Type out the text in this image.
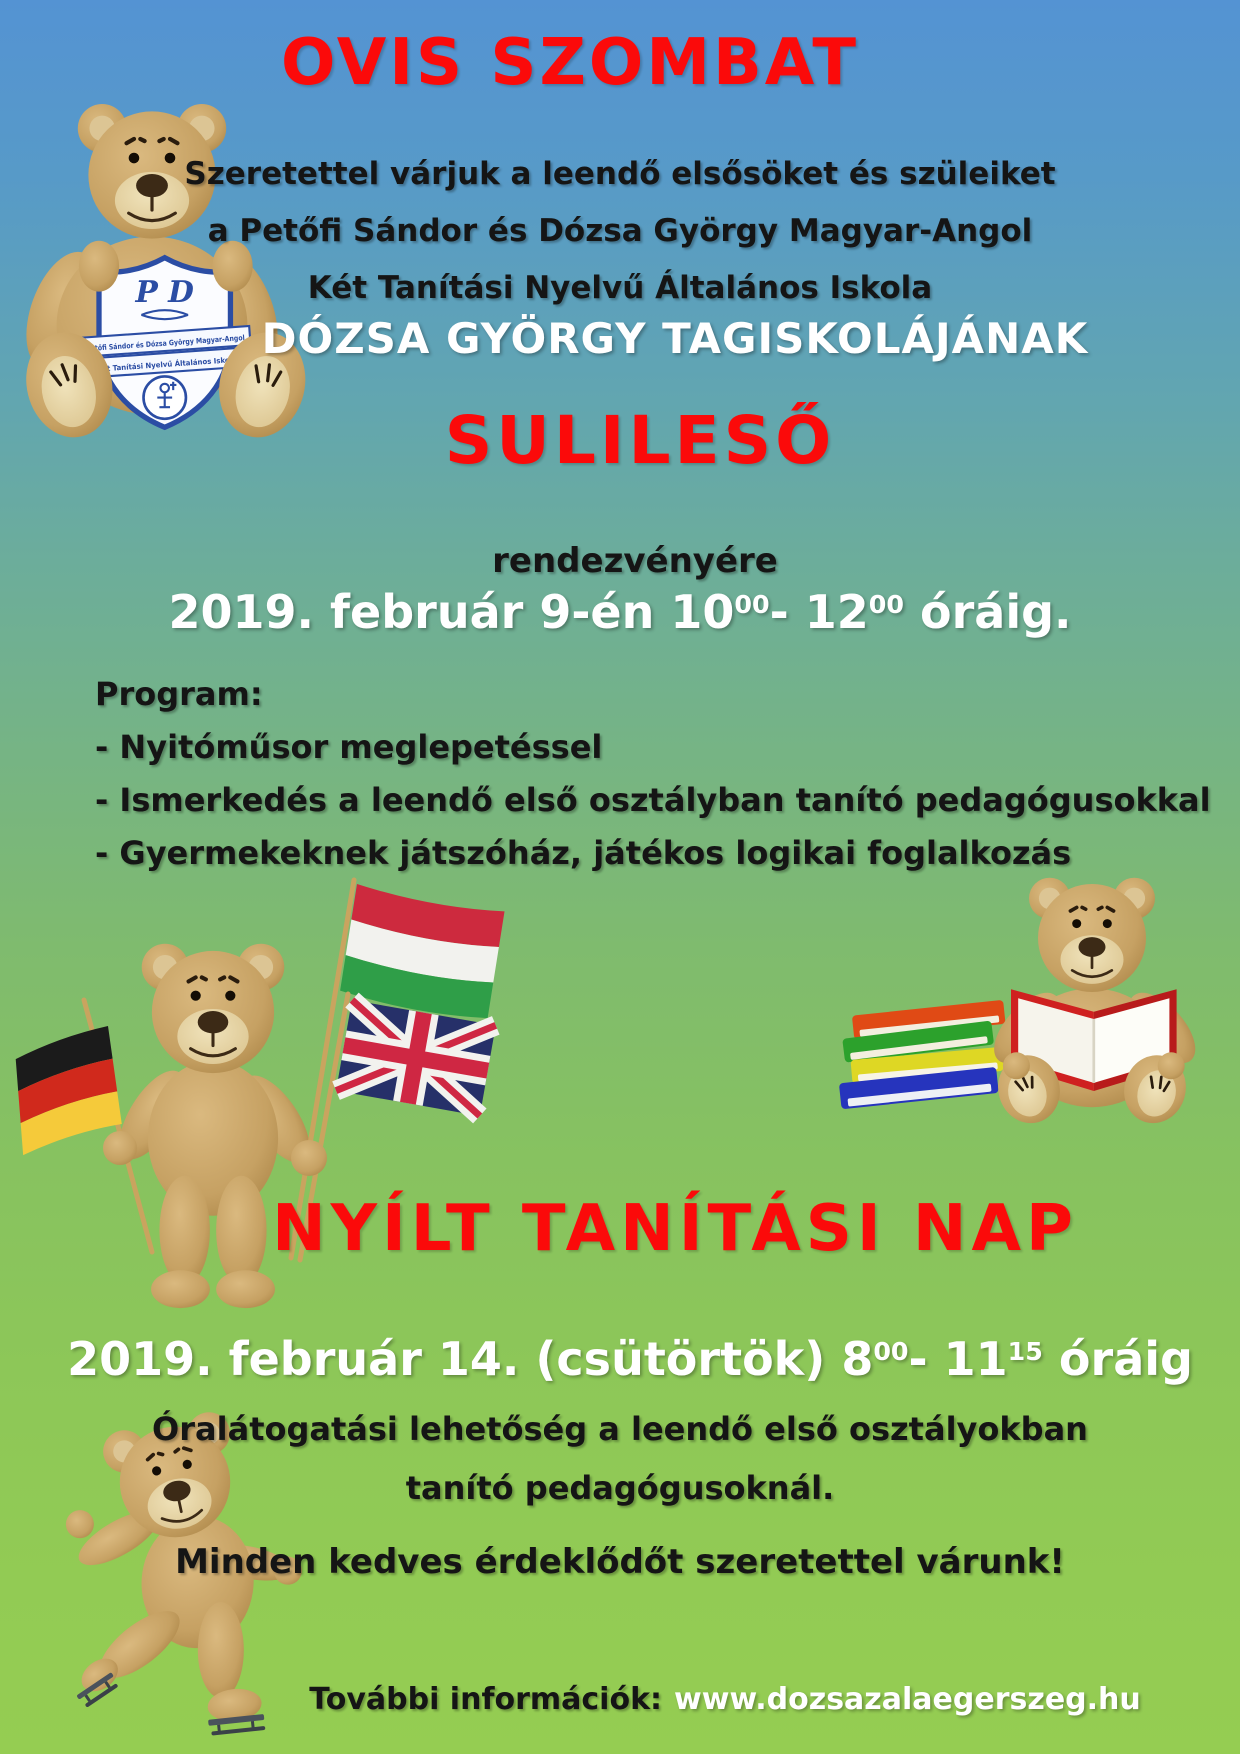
P D
Petőfi Sándor és Dózsa György Magyar-Angol
Két Tanítási Nyelvű Általános Iskola
OVIS SZOMBAT
Szeretettel várjuk a leendő elsősöket és szüleiket
a Petőfi Sándor és Dózsa György Magyar-Angol
Két Tanítási Nyelvű Általános Iskola
DÓZSA GYÖRGY TAGISKOLÁJÁNAK
SULILESŐ
rendezvényére
2019. február 9-én $10^{00}-$ $12^{00}$ óráig.
Program:
- Nyitóműsor meglepetéssel
- Ismerkedés a leendő első osztályban tanító pedagógusokkal
- Gyermekeknek játszóház, játékos logikai foglalkozás
NYÍLT TANÍTÁSI NAP
2019. február 14. (csütörtök) $8^{00}-$ $11^{15}$ óráig
Óralátogatási lehetőség a leendő első osztályokban
tanító pedagógusoknál.
Minden kedves érdeklődőt szeretettel várunk!
További információk: www.dozsazalaegerszeg.hu
